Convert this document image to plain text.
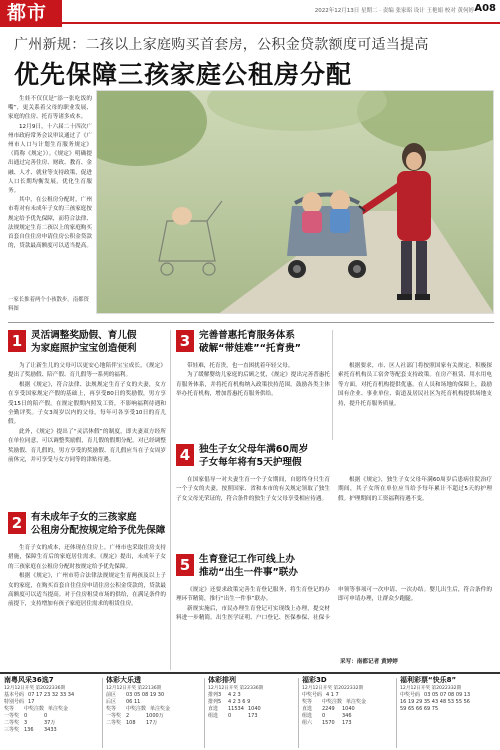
都市	2022年12月13日 星期二 · 责编 张家昭 设计 王艳娟 校对 黄何婷 A08
广州新规：二孩以上家庭购买首套房，公积金贷款额度可适当提高
优先保障三孩家庭公租房分配

生娃不仅仅是“添一张吃饭的嘴”，更关系着父母的职业发展、家庭的住房、托育等诸多成本。

12月9日，十六届二十四次广州市政府常务会议审议通过了《广州市人口与计划生育服务规定》（简称《规定》）。《规定》明确提出通过完善住房、财政、教育、金融、人才、就业等支持政策，促进人口长期均衡发展，优化生育服务。

其中，在公租房分配时，广州市将对有未成年子女的三孩家庭按规定给予优先保障，而符合法律、法规规定生育二孩以上的家庭购买首套自住住房申请住房公积金贷款的，贷款最高额度可以适当提高。

一家长推着两个小孩散步。南都资料图
1 灵活调整奖励假、育儿假
为家庭照护宝宝创造便利

为了让新生儿的父母可以更安心地陪伴宝宝成长，《规定》提出了奖励假、陪产假、育儿假等一系列的福利。

根据《规定》，符合法律、法规规定生育子女的夫妻，女方在享受国家规定产假的基础上，再享受80日的奖励假，男方享受15日的陪产假。在规定假期内照发工资，不影响福利待遇和全勤评奖。子女3周岁以内的父母，每年可各享受10日的育儿假。

此外，《规定》提出了“灵活休假”的制度，即夫妻双方经所在单位同意，可以调整奖励假，育儿假的假期分配。对已经调整奖励假、育儿假的，男方享受的奖励假、育儿假应当在子女周岁前休完，并可享受与女方同等的津贴待遇。

2 有未成年子女的三孩家庭
公租房分配按规定给予优先保障

生育子女的成本，还体现在住房上。广州市也采取住房支持措施，保障生育后的家庭居住需求。《规定》提出，未成年子女的三孩家庭在公租房分配时按规定给予优先保障。

根据《规定》，广州市符合法律法规规定生育两孩及以上子女的家庭，在购买首套自住住房申请住房公积金贷款的，贷款最高额度可以适当提高。对于住房租赁市场的供给，在满足条件的前提下，支持增加有孩子家庭居住需求的租赁住房。

3 完善普惠托育服务体系
破解“带娃难”“托育贵”

带娃难，托育贵，也一直困扰着年轻父母。

为了缓解婴幼儿家庭的后顾之忧，《规定》提出完善普惠托育服务体系，并将托育机构纳入政策扶持范围，鼓励各类主体举办托育机构，增加普惠托育服务供给。

根据要求，市、区人社部门将按照国家有关规定，积极探索托育机构员工宿舍等配套支持政策。在房产租赁、用水用电等方面，对托育机构提供优惠。在人员和场地的保障上，鼓励国有企业、事业单位、街道及居民社区为托育机构提供场地支持，提升托育服务质量。

4 独生子女父母年满60周岁
子女每年将有5天护理假

在国家倡导一对夫妻生育一个子女期间，自愿终身只生育一个子女的夫妻，按照国家、省和本市的有关规定领取了独生子女父母光荣证的，符合条件的独生子女父母享受相应待遇。

根据《规定》，独生子女父母年满60周岁后患病住院治疗期间，其子女所在单位应当给予每年累计不超过5天的护理假。护理期间的工资福利待遇不变。

5 生育登记工作可线上办
推动“出生一件事”联办

《规定》还要求政策完善生育登记服务，将生育登记的办理环节精简，推行“出生一件事”联办。

新规实施后，市民办理生育登记可实现线上办理，提交材料进一步精简。出生医学证明、户口登记、医保参保、社保卡申领等事项可一次申请、一次办结。婴儿出生后，符合条件的即可申请办理，让群众少跑腿。

采写：南都记者 黄婷婷
南粤风采36选7
12月12日开奖 第2022336期
基本号码 07 17 23 32 33 34
特别号码 17
奖等	中奖注数 单注奖金
一等奖 0	0
二等奖 3	37万
三等奖 136	3433
体彩大乐透
12月12日开奖 第22136期
前区	03 05 08 19 30
后区	06 11
奖等	中奖注数 单注奖金
一等奖 2	1000万
二等奖 108	17万
体彩排列
12月12日开奖 第22336期
排列3	4 2 3
排列5	4 2 3 6 9
直选	11534 1040
组选	0	173
福彩3D
12月12日开奖 第2022332期
中奖号码 4 1 7
奖等	中奖注数 单注奖金
直选	2249	1040
组选	0	346
组六	1570	173
福利彩票“快乐8”
12月12日开奖 第2022332期
中奖号码 03 05 07 08 09 13
16 19 29 35 43 48 53 55 56
59 65 66 69 75
